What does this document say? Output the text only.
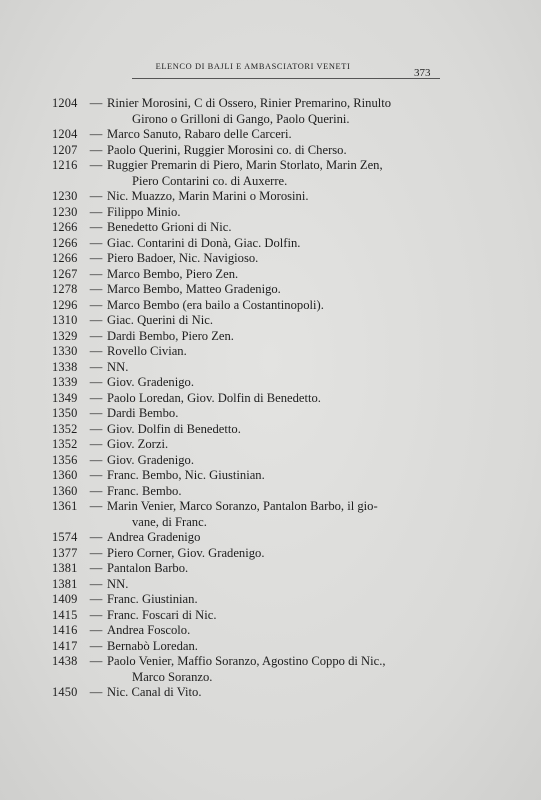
ELENCO DI BAJLI E AMBASCIATORI VENETI
373
1204 — Rinier Morosini, C di Ossero, Rinier Premarino, Rinulto
Girono o Grilloni di Gango, Paolo Querini.
1204 — Marco Sanuto, Rabaro delle Carceri.
1207 — Paolo Querini, Ruggier Morosini co. di Cherso.
1216 — Ruggier Premarin di Piero, Marin Storlato, Marin Zen,
Piero Contarini co. di Auxerre.
1230 — Nic. Muazzo, Marin Marini o Morosini.
1230 — Filippo Minio.
1266 — Benedetto Grioni di Nic.
1266 — Giac. Contarini di Donà, Giac. Dolfin.
1266 — Piero Badoer, Nic. Navigioso.
1267 — Marco Bembo, Piero Zen.
1278 — Marco Bembo, Matteo Gradenigo.
1296 — Marco Bembo (era bailo a Costantinopoli).
1310 — Giac. Querini di Nic.
1329 — Dardi Bembo, Piero Zen.
1330 — Rovello Civian.
1338 — NN.
1339 — Giov. Gradenigo.
1349 — Paolo Loredan, Giov. Dolfin di Benedetto.
1350 — Dardi Bembo.
1352 — Giov. Dolfin di Benedetto.
1352 — Giov. Zorzi.
1356 — Giov. Gradenigo.
1360 — Franc. Bembo, Nic. Giustinian.
1360 — Franc. Bembo.
1361 — Marin Venier, Marco Soranzo, Pantalon Barbo, il gio-
vane, di Franc.
1574 — Andrea Gradenigo
1377 — Piero Corner, Giov. Gradenigo.
1381 — Pantalon Barbo.
1381 — NN.
1409 — Franc. Giustinian.
1415 — Franc. Foscari di Nic.
1416 — Andrea Foscolo.
1417 — Bernabò Loredan.
1438 — Paolo Venier, Maffio Soranzo, Agostino Coppo di Nic.,
Marco Soranzo.
1450 — Nic. Canal di Vito.
